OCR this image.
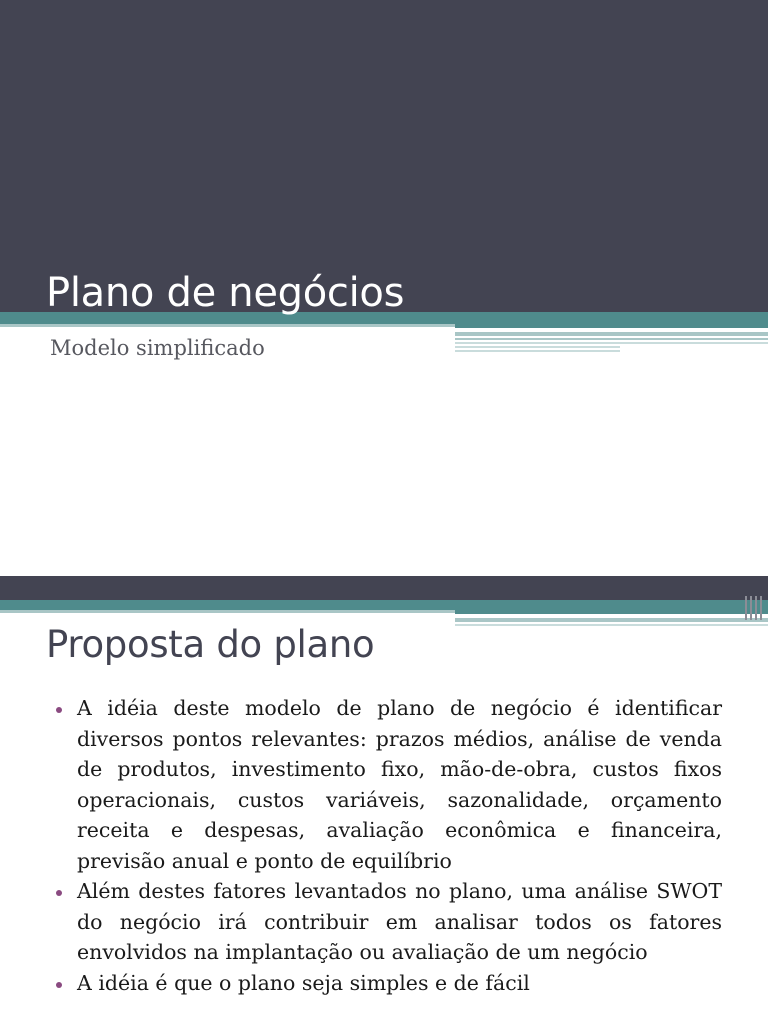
Plano de negócios
Modelo simplificado
Proposta do plano

A idéia deste modelo de plano de negócio é identificar diversos pontos relevantes: prazos médios, análise de venda de produtos, investimento fixo, mão-de-obra, custos fixos operacionais, custos variáveis, sazonalidade, orçamento receita e despesas, avaliação econômica e financeira, previsão anual e ponto de equilíbrio

Além destes fatores levantados no plano, uma análise SWOT do negócio irá contribuir em analisar todos os fatores envolvidos na implantação ou avaliação de um negócio

A idéia é que o plano seja simples e de fácil
